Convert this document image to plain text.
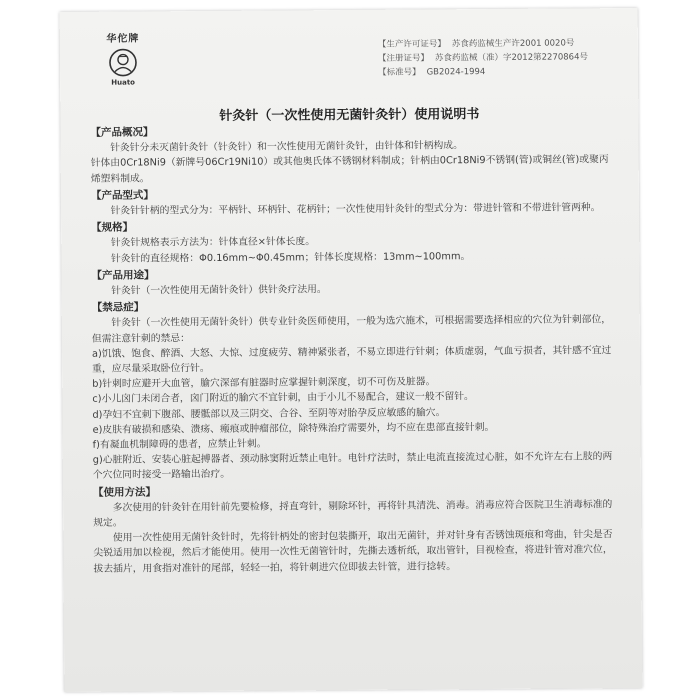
华佗牌
Huato
【生产许可证号】 苏食药监械生产许2001 0020号
【注册证号】 苏食药监械（准）字2012第2270864号
【标准号】 GB2024-1994
针灸针（一次性使用无菌针灸针）使用说明书
【产品概况】
针灸针分未灭菌针灸针（针灸针）和一次性使用无菌针灸针，由针体和针柄构成。
针体由0Cr18Ni9（新牌号06Cr19Ni10）或其他奥氏体不锈钢材料制成；针柄由0Cr18Ni9不锈钢(管)或铜丝(管)或聚丙烯塑料制成。
【产品型式】
针灸针针柄的型式分为：平柄针、环柄针、花柄针；一次性使用针灸针的型式分为：带进针管和不带进针管两种。
【规格】
针灸针规格表示方法为：针体直径×针体长度。
针灸针的直径规格：Φ0.16mm~Φ0.45mm；针体长度规格：13mm~100mm。
【产品用途】
针灸针（一次性使用无菌针灸针）供针灸疗法用。
【禁忌症】
针灸针（一次性使用无菌针灸针）供专业针灸医师使用，一般为选穴施术，可根据需要选择相应的穴位为针刺部位，但需注意针刺的禁忌：
a)饥饿、饱食、醉酒、大怒、大惊、过度疲劳、精神紧张者，不易立即进行针刺；体质虚弱，气血亏损者，其针感不宜过重，应尽量采取卧位行针。
b)针刺时应避开大血管，腧穴深部有脏器时应掌握针刺深度，切不可伤及脏器。
c)小儿囟门未闭合者，囟门附近的腧穴不宜针刺，由于小儿不易配合，建议一般不留针。
d)孕妇不宜刺下腹部、腰骶部以及三阴交、合谷、至阴等对胎孕反应敏感的腧穴。
e)皮肤有破损和感染、溃疡、瘢痕或肿瘤部位，除特殊治疗需要外，均不应在患部直接针刺。
f)有凝血机制障碍的患者，应禁止针刺。
g)心脏附近、安装心脏起搏器者、颈动脉窦附近禁止电针。电针疗法时，禁止电流直接流过心脏，如不允许左右上肢的两个穴位同时接受一路输出治疗。
【使用方法】
多次使用的针灸针在用针前先要检修，捋直弯针，剔除坏针，再将针具清洗、消毒。消毒应符合医院卫生消毒标准的规定。
使用一次性使用无菌针灸针时，先将针柄处的密封包装撕开，取出无菌针，并对针身有否锈蚀斑痕和弯曲，针尖是否尖锐适用加以检视，然后才能使用。使用一次性无菌管针时，先撕去透析纸，取出管针，目视检查，将进针管对准穴位，拔去插片，用食指对准针的尾部，轻轻一拍，将针刺进穴位即拔去针管，进行捻转。
